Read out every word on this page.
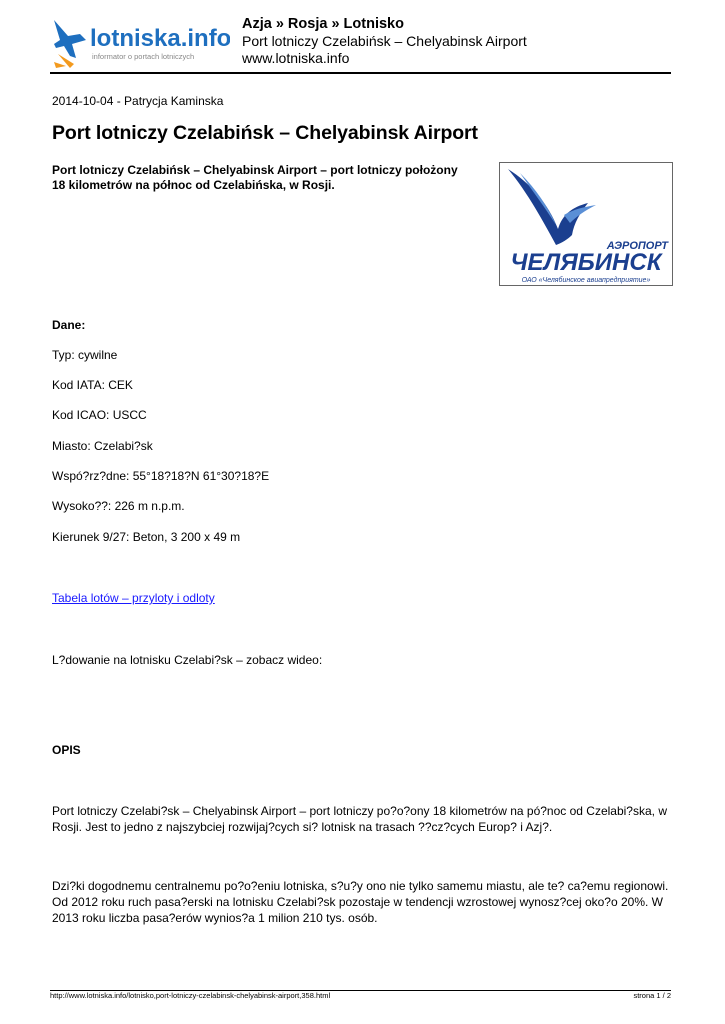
lotniska.info
informator o portach lotniczych
Azja » Rosja » Lotnisko
Port lotniczy Czelabińsk – Chelyabinsk Airport
www.lotniska.info
2014-10-04 - Patrycja Kaminska
Port lotniczy Czelabińsk – Chelyabinsk Airport
Port lotniczy Czelabińsk – Chelyabinsk Airport – port lotniczy położony 18 kilometrów na północ od Czelabińska, w Rosji.
АЭРОПОРТ
ЧЕЛЯБИНСК
ОАО «Челябинское авиапредприятие»
Dane:
Typ: cywilne
Kod IATA: CEK
Kod ICAO: USCC
Miasto: Czelabi?sk
Wspó?rz?dne: 55°18?18?N 61°30?18?E
Wysoko??: 226 m n.p.m.
Kierunek 9/27: Beton, 3 200 x 49 m
Tabela lotów – przyloty i odloty
L?dowanie na lotnisku Czelabi?sk – zobacz wideo:
OPIS
Port lotniczy Czelabi?sk – Chelyabinsk Airport – port lotniczy po?o?ony 18 kilometrów na pó?noc od Czelabi?ska, w Rosji. Jest to jedno z najszybciej rozwijaj?cych si? lotnisk na trasach ??cz?cych Europ? i Azj?.
Dzi?ki dogodnemu centralnemu po?o?eniu lotniska, s?u?y ono nie tylko samemu miastu, ale te? ca?emu regionowi. Od 2012 roku ruch pasa?erski na lotnisku Czelabi?sk pozostaje w tendencji wzrostowej wynosz?cej oko?o 20%. W 2013 roku liczba pasa?erów wynios?a 1 milion 210 tys. osób.
http://www.lotniska.info/lotnisko,port-lotniczy-czelabinsk-chelyabinsk-airport,358.html	strona 1 / 2
